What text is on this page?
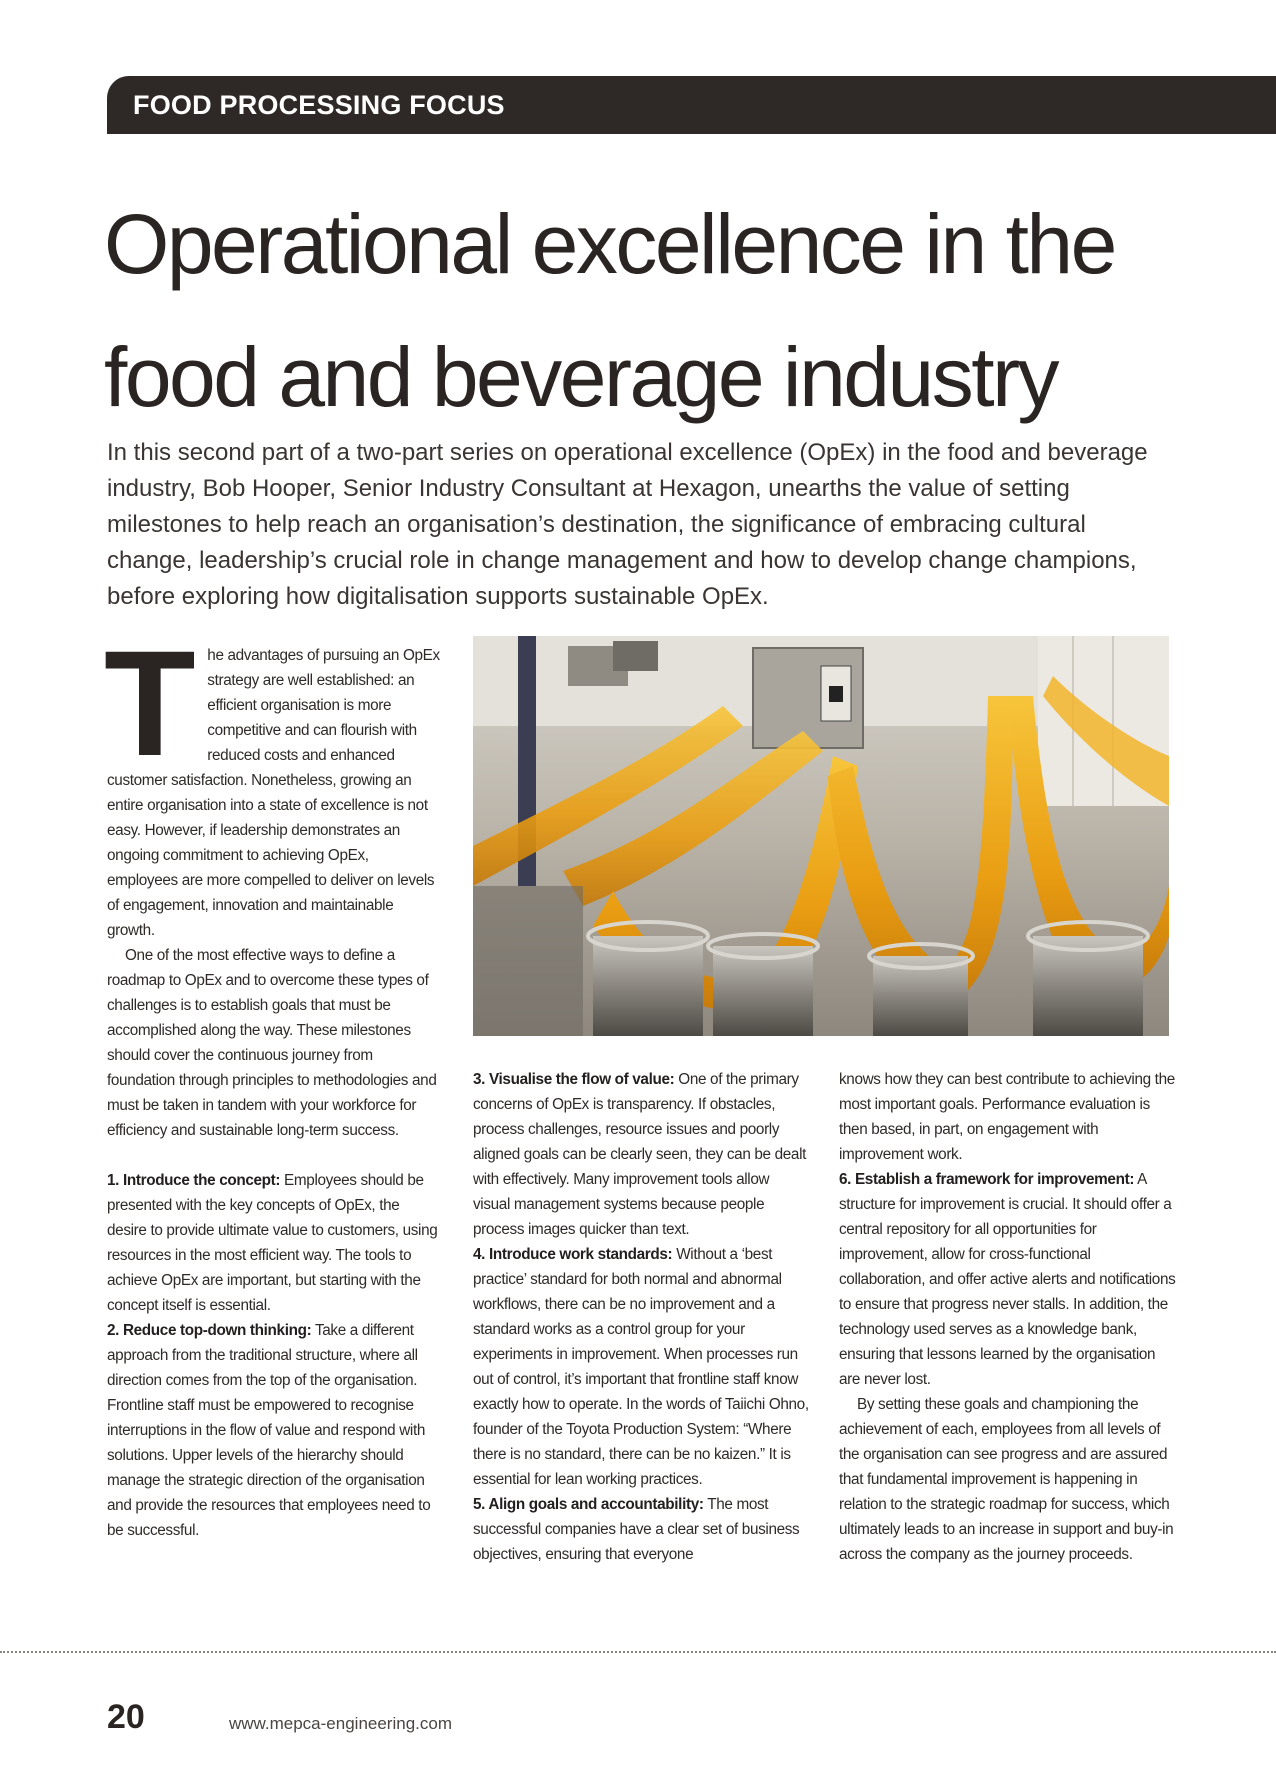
FOOD PROCESSING FOCUS
Operational excellence in the food and beverage industry

In this second part of a two-part series on operational excellence (OpEx) in the food and beverage industry, Bob Hooper, Senior Industry Consultant at Hexagon, unearths the value of setting milestones to help reach an organisation’s destination, the significance of embracing cultural change, leadership’s crucial role in change management and how to develop change champions, before exploring how digitalisation supports sustainable OpEx.

T he advantages of pursuing an OpEx strategy are well established: an efficient organisation is more competitive and can flourish with reduced costs and enhanced customer satisfaction. Nonetheless, growing an entire organisation into a state of excellence is not easy. However, if leadership demonstrates an ongoing commitment to achieving OpEx, employees are more compelled to deliver on levels of engagement, innovation and maintainable growth.

One of the most effective ways to define a roadmap to OpEx and to overcome these types of challenges is to establish goals that must be accomplished along the way. These milestones should cover the continuous journey from foundation through principles to methodologies and must be taken in tandem with your workforce for efficiency and sustainable long-term success.

1. Introduce the concept: Employees should be presented with the key concepts of OpEx, the desire to provide ultimate value to customers, using resources in the most efficient way. The tools to achieve OpEx are important, but starting with the concept itself is essential.

2. Reduce top-down thinking: Take a different approach from the traditional structure, where all direction comes from the top of the organisation. Frontline staff must be empowered to recognise interruptions in the flow of value and respond with solutions. Upper levels of the hierarchy should manage the strategic direction of the organisation and provide the resources that employees need to be successful.

3. Visualise the flow of value: One of the primary concerns of OpEx is transparency. If obstacles, process challenges, resource issues and poorly aligned goals can be clearly seen, they can be dealt with effectively. Many improvement tools allow visual management systems because people process images quicker than text.

4. Introduce work standards: Without a ‘best practice’ standard for both normal and abnormal workflows, there can be no improvement and a standard works as a control group for your experiments in improvement. When processes run out of control, it’s important that frontline staff know exactly how to operate. In the words of Taiichi Ohno, founder of the Toyota Production System: “Where there is no standard, there can be no kaizen.” It is essential for lean working practices.

5. Align goals and accountability: The most successful companies have a clear set of business objectives, ensuring that everyone

knows how they can best contribute to achieving the most important goals. Performance evaluation is then based, in part, on engagement with improvement work.

6. Establish a framework for improvement: A structure for improvement is crucial. It should offer a central repository for all opportunities for improvement, allow for cross-functional collaboration, and offer active alerts and notifications to ensure that progress never stalls. In addition, the technology used serves as a knowledge bank, ensuring that lessons learned by the organisation are never lost.

By setting these goals and championing the achievement of each, employees from all levels of the organisation can see progress and are assured that fundamental improvement is happening in relation to the strategic roadmap for success, which ultimately leads to an increase in support and buy-in across the company as the journey proceeds.

20	www.mepca-engineering.com
